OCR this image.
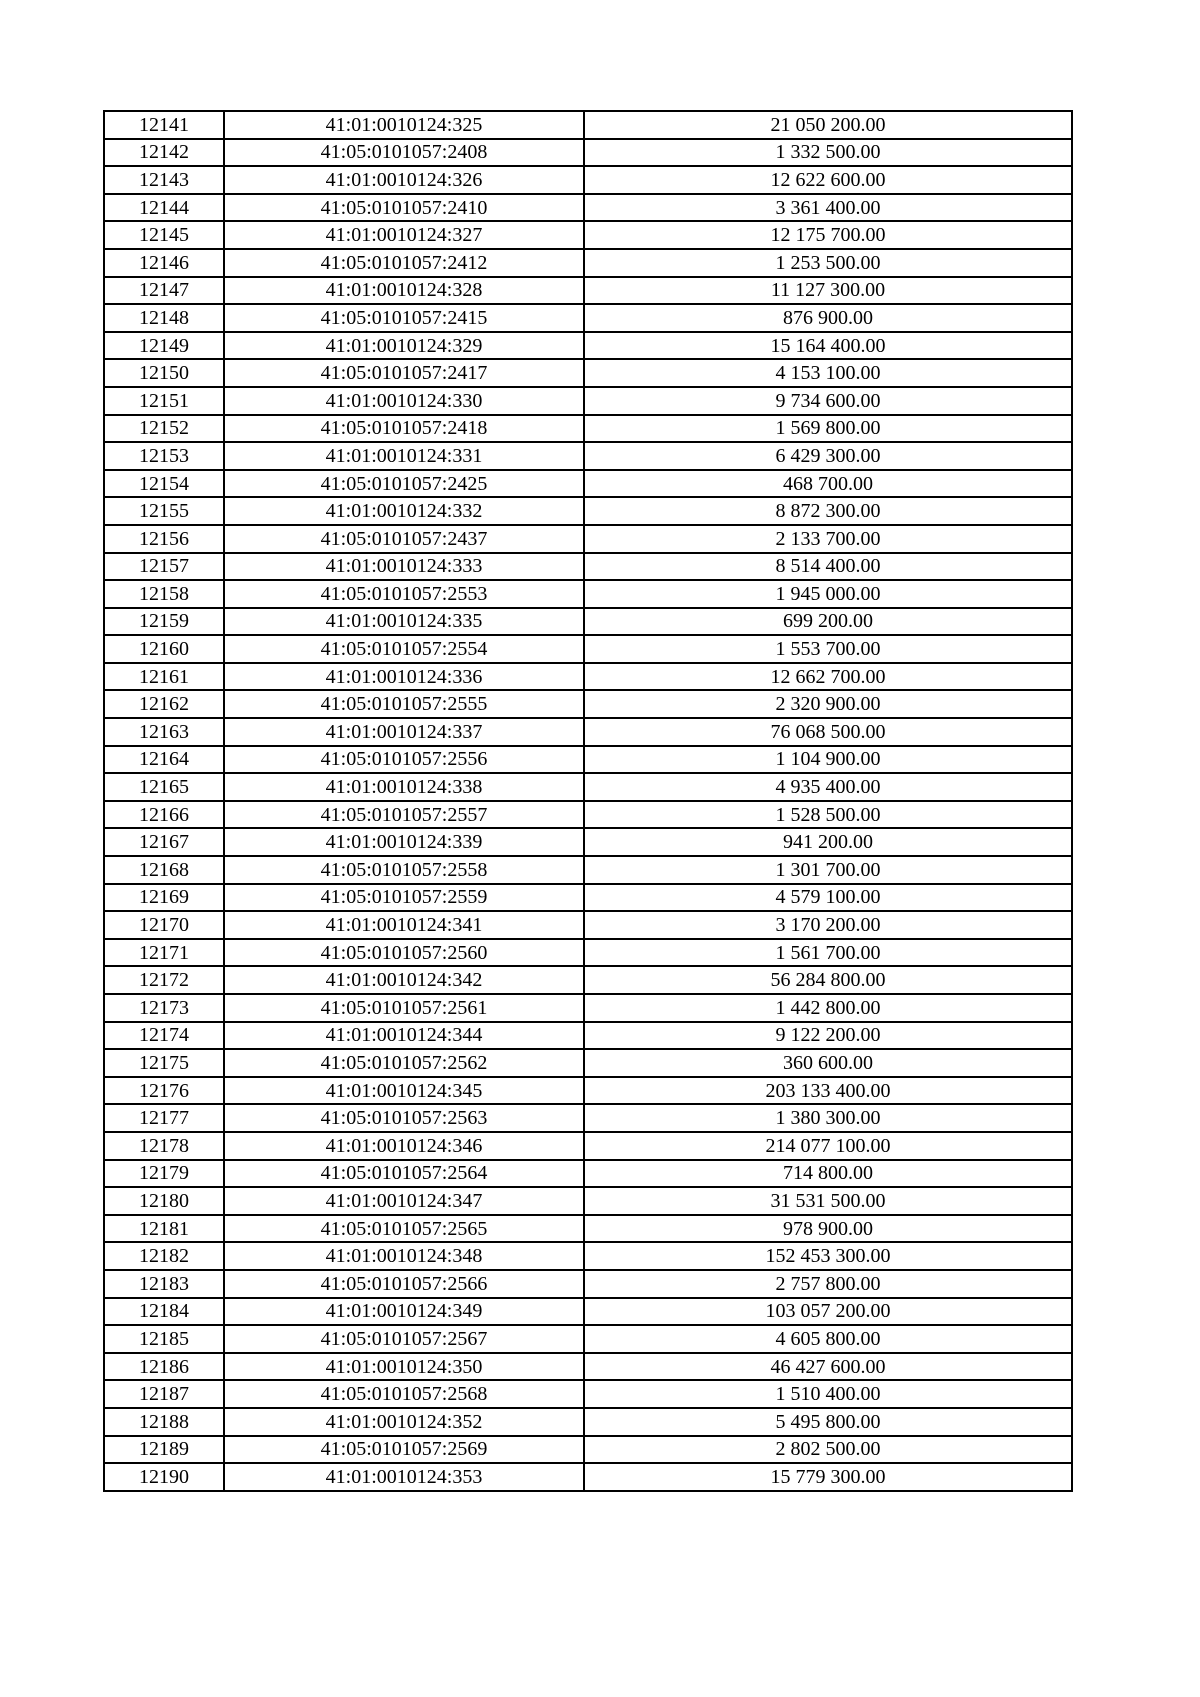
12141	41:01:0010124:325	21 050 200.00
12142	41:05:0101057:2408	1 332 500.00
12143	41:01:0010124:326	12 622 600.00
12144	41:05:0101057:2410	3 361 400.00
12145	41:01:0010124:327	12 175 700.00
12146	41:05:0101057:2412	1 253 500.00
12147	41:01:0010124:328	11 127 300.00
12148	41:05:0101057:2415	876 900.00
12149	41:01:0010124:329	15 164 400.00
12150	41:05:0101057:2417	4 153 100.00
12151	41:01:0010124:330	9 734 600.00
12152	41:05:0101057:2418	1 569 800.00
12153	41:01:0010124:331	6 429 300.00
12154	41:05:0101057:2425	468 700.00
12155	41:01:0010124:332	8 872 300.00
12156	41:05:0101057:2437	2 133 700.00
12157	41:01:0010124:333	8 514 400.00
12158	41:05:0101057:2553	1 945 000.00
12159	41:01:0010124:335	699 200.00
12160	41:05:0101057:2554	1 553 700.00
12161	41:01:0010124:336	12 662 700.00
12162	41:05:0101057:2555	2 320 900.00
12163	41:01:0010124:337	76 068 500.00
12164	41:05:0101057:2556	1 104 900.00
12165	41:01:0010124:338	4 935 400.00
12166	41:05:0101057:2557	1 528 500.00
12167	41:01:0010124:339	941 200.00
12168	41:05:0101057:2558	1 301 700.00
12169	41:05:0101057:2559	4 579 100.00
12170	41:01:0010124:341	3 170 200.00
12171	41:05:0101057:2560	1 561 700.00
12172	41:01:0010124:342	56 284 800.00
12173	41:05:0101057:2561	1 442 800.00
12174	41:01:0010124:344	9 122 200.00
12175	41:05:0101057:2562	360 600.00
12176	41:01:0010124:345	203 133 400.00
12177	41:05:0101057:2563	1 380 300.00
12178	41:01:0010124:346	214 077 100.00
12179	41:05:0101057:2564	714 800.00
12180	41:01:0010124:347	31 531 500.00
12181	41:05:0101057:2565	978 900.00
12182	41:01:0010124:348	152 453 300.00
12183	41:05:0101057:2566	2 757 800.00
12184	41:01:0010124:349	103 057 200.00
12185	41:05:0101057:2567	4 605 800.00
12186	41:01:0010124:350	46 427 600.00
12187	41:05:0101057:2568	1 510 400.00
12188	41:01:0010124:352	5 495 800.00
12189	41:05:0101057:2569	2 802 500.00
12190	41:01:0010124:353	15 779 300.00
